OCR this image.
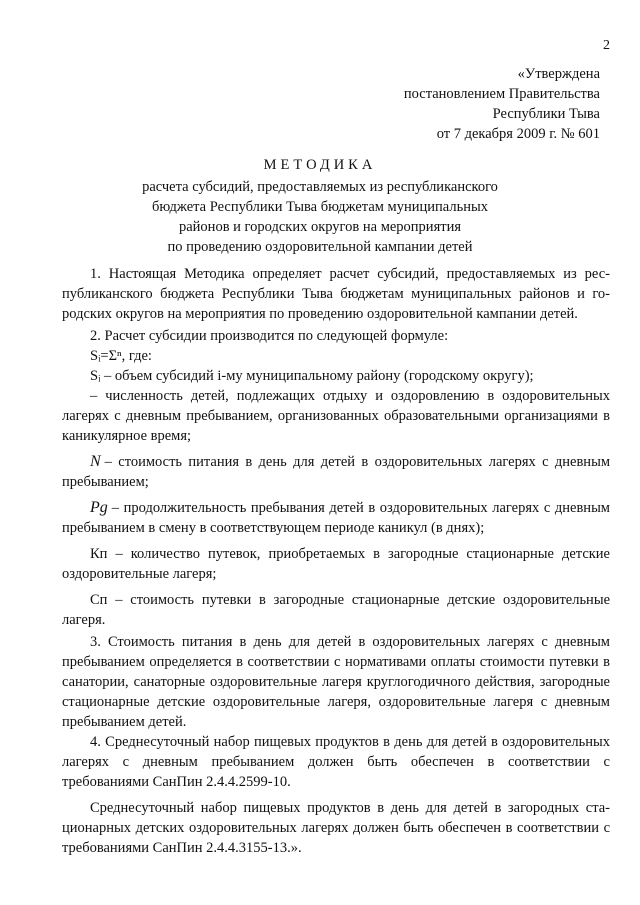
2
«Утверждена
постановлением Правительства
Республики Тыва
от 7 декабря 2009 г. № 601
МЕТОДИКА
расчета субсидий, предоставляемых из республиканского
бюджета Республики Тыва бюджетам муниципальных
районов и городских округов на мероприятия
по проведению оздоровительной кампании детей

1. Настоящая Методика определяет расчет субсидий, предоставляемых из республиканского бюджета Республики Тыва бюджетам муниципальных районов и городских округов на мероприятия по проведению оздоровительной кампании детей.

2. Расчет субсидии производится по следующей формуле:

Sᵢ=Σⁿ, где:

Sᵢ – объем субсидий i-му муниципальному району (городскому округу);

– численность детей, подлежащих отдыху и оздоровлению в оздоровительных лагерях с дневным пребыванием, организованных образовательными организациями в каникулярное время;

N – стоимость питания в день для детей в оздоровительных лагерях с дневным пребыванием;

Pg – продолжительность пребывания детей в оздоровительных лагерях с дневным пребыванием в смену в соответствующем периоде каникул (в днях);

Кп – количество путевок, приобретаемых в загородные стационарные детские оздоровительные лагеря;

Сп – стоимость путевки в загородные стационарные детские оздоровительные лагеря.

3. Стоимость питания в день для детей в оздоровительных лагерях с дневным пребыванием определяется в соответствии с нормативами оплаты стоимости путевки в санатории, санаторные оздоровительные лагеря круглогодичного действия, загородные стационарные детские оздоровительные лагеря, оздоровительные лагеря с дневным пребыванием детей.

4. Среднесуточный набор пищевых продуктов в день для детей в оздоровительных лагерях с дневным пребыванием должен быть обеспечен в соответствии с требованиями СанПин 2.4.4.2599-10.

Среднесуточный набор пищевых продуктов в день для детей в загородных стационарных детских оздоровительных лагерях должен быть обеспечен в соответствии с требованиями СанПин 2.4.4.3155-13.».
